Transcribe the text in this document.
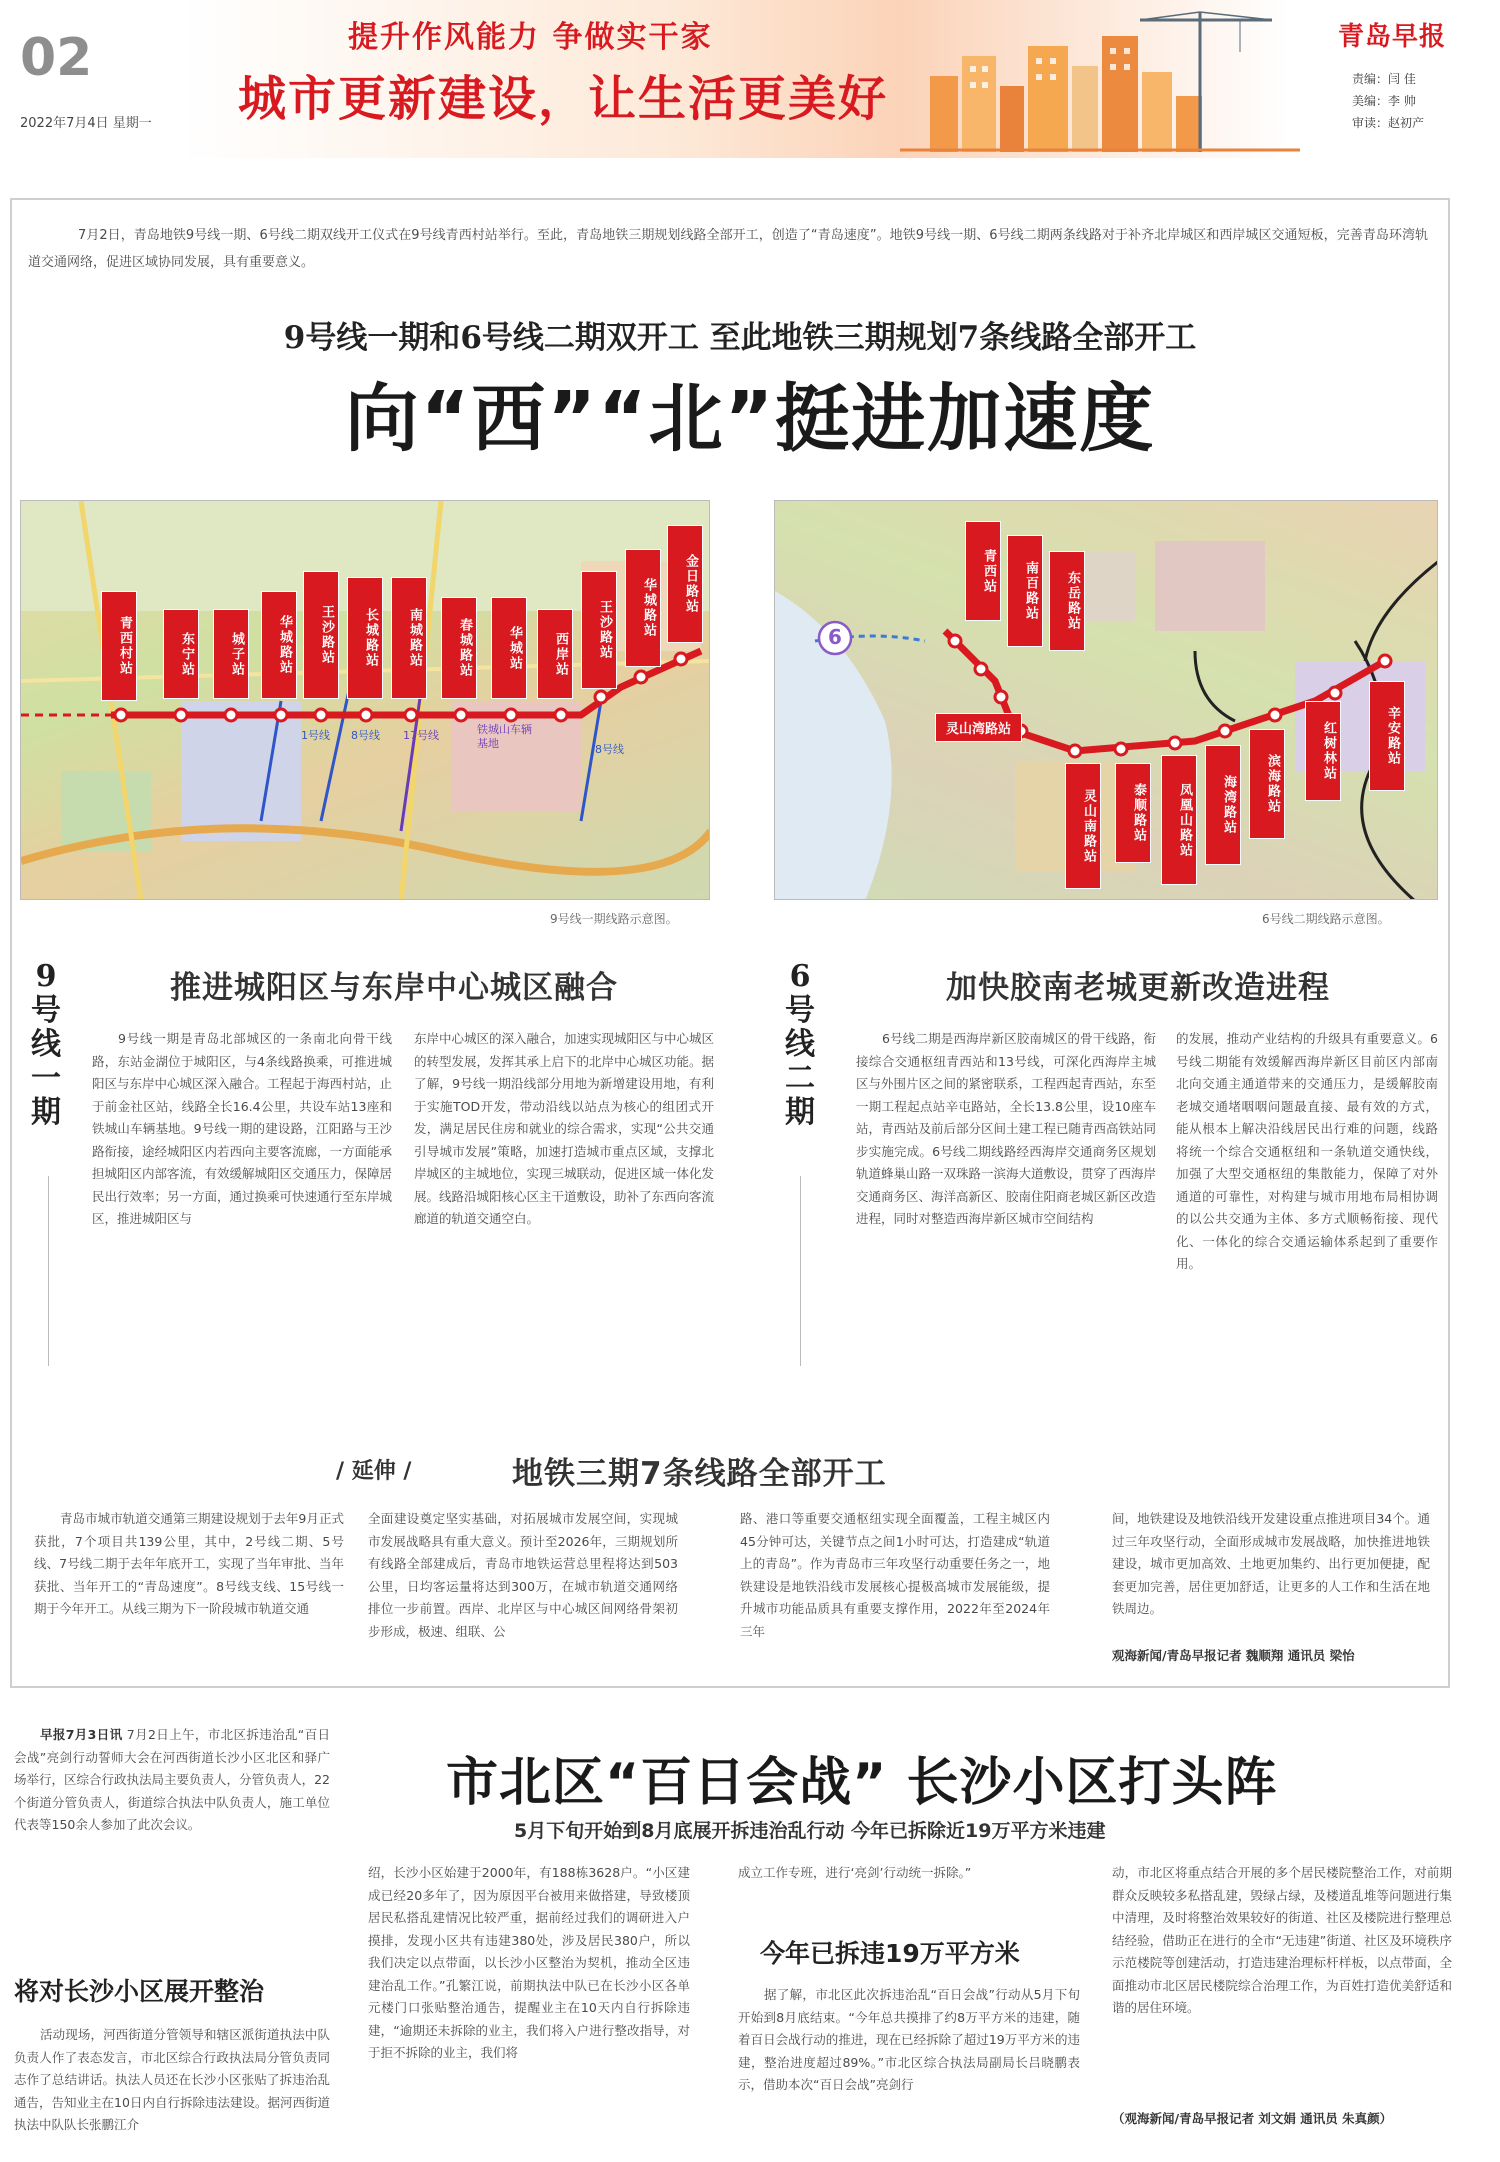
02
2022年7月4日 星期一
提升作风能力 争做实干家
城市更新建设，让生活更美好
青岛早报
责编：闫 佳
美编：李 帅
审读：赵初产
7月2日，青岛地铁9号线一期、6号线二期双线开工仪式在9号线青西村站举行。至此，青岛地铁三期规划线路全部开工，创造了“青岛速度”。地铁9号线一期、6号线二期两条线路对于补齐北岸城区和西岸城区交通短板，完善青岛环湾轨道交通网络，促进区域协同发展，具有重要意义。
9号线一期和6号线二期双开工 至此地铁三期规划7条线路全部开工
向“西”“北”挺进加速度
青西村站	东宁站	城子站	华城路站	王沙路站	长城路站	南城路站	春城路站	华城站	西岸站	王沙路站	华城路站	金日路站
1号线 8号线 17号线
8号线
铁城山车辆基地
9号线一期线路示意图。
6
青西站	南百路站	东岳路站
灵山湾路站
灵山南路站	泰顺路站	凤凰山路站	海湾路站	滨海路站
红树林站	辛安路站
6号线二期线路示意图。
9号线一期
推进城阳区与东岸中心城区融合
9号线一期是青岛北部城区的一条南北向骨干线路，东站金湖位于城阳区，与4条线路换乘，可推进城阳区与东岸中心城区深入融合。工程起于海西村站，止于前金社区站，线路全长16.4公里，共设车站13座和铁城山车辆基地。9号线一期的建设路，江阳路与王沙路衔接，途经城阳区内若西向主要客流廊，一方面能承担城阳区内部客流，有效缓解城阳区交通压力，保障居民出行效率；另一方面，通过换乘可快速通行至东岸城区，推进城阳区与
东岸中心城区的深入融合，加速实现城阳区与中心城区的转型发展，发挥其承上启下的北岸中心城区功能。据了解，9号线一期沿线部分用地为新增建设用地，有利于实施TOD开发，带动沿线以站点为核心的组团式开发，满足居民住房和就业的综合需求，实现“公共交通引导城市发展”策略，加速打造城市重点区域，支撑北岸城区的主城地位，实现三城联动，促进区域一体化发展。线路沿城阳核心区主干道敷设，助补了东西向客流廊道的轨道交通空白。
6号线二期
加快胶南老城更新改造进程
6号线二期是西海岸新区胶南城区的骨干线路，衔接综合交通枢纽青西站和13号线，可深化西海岸主城区与外围片区之间的紧密联系，工程西起青西站，东至一期工程起点站辛屯路站，全长13.8公里，设10座车站，青西站及前后部分区间土建工程已随青西高铁站同步实施完成。6号线二期线路经西海岸交通商务区规划轨道蜂巢山路一双珠路一滨海大道敷设，贯穿了西海岸交通商务区、海洋高新区、胶南住阳商老城区新区改造进程，同时对整造西海岸新区城市空间结构
的发展，推动产业结构的升级具有重要意义。6号线二期能有效缓解西海岸新区目前区内部南北向交通主通道带来的交通压力，是缓解胶南老城交通堵咽咽问题最直接、最有效的方式，能从根本上解决沿线居民出行难的问题，线路将统一个综合交通枢纽和一条轨道交通快线，加强了大型交通枢纽的集散能力，保障了对外通道的可靠性，对构建与城市用地布局相协调的以公共交通为主体、多方式顺畅衔接、现代化、一体化的综合交通运输体系起到了重要作用。
/ 延伸 /	地铁三期7条线路全部开工
青岛市城市轨道交通第三期建设规划于去年9月正式获批，7个项目共139公里，其中，2号线二期、5号线、7号线二期于去年年底开工，实现了当年审批、当年获批、当年开工的“青岛速度”。8号线支线、15号线一期于今年开工。从线三期为下一阶段城市轨道交通
全面建设奠定坚实基础，对拓展城市发展空间，实现城市发展战略具有重大意义。预计至2026年，三期规划所有线路全部建成后，青岛市地铁运营总里程将达到503公里，日均客运量将达到300万，在城市轨道交通网络排位一步前置。西岸、北岸区与中心城区间网络骨架初步形成，极速、组联、公
路、港口等重要交通枢纽实现全面覆盖，工程主城区内45分钟可达，关键节点之间1小时可达，打造建成“轨道上的青岛”。作为青岛市三年攻坚行动重要任务之一，地铁建设是地铁沿线市发展核心提极高城市发展能级，提升城市功能品质具有重要支撑作用，2022年至2024年三年
间，地铁建设及地铁沿线开发建设重点推进项目34个。通过三年攻坚行动，全面形成城市发展战略，加快推进地铁建设，城市更加高效、土地更加集约、出行更加便捷，配套更加完善，居住更加舒适，让更多的人工作和生活在地铁周边。
观海新闻/青岛早报记者 魏顺翔 通讯员 梁怡
早报7月3日讯 7月2日上午，市北区拆违治乱“百日会战”亮剑行动誓师大会在河西街道长沙小区北区和驿广场举行，区综合行政执法局主要负责人，分管负责人，22个街道分管负责人，街道综合执法中队负责人，施工单位代表等150余人参加了此次会议。
将对长沙小区展开整治
活动现场，河西街道分管领导和辖区派街道执法中队负责人作了表态发言，市北区综合行政执法局分管负责同志作了总结讲话。执法人员还在长沙小区张贴了拆违治乱通告，告知业主在10日内自行拆除违法建设。据河西街道执法中队队长张鹏江介
市北区“百日会战” 长沙小区打头阵
5月下旬开始到8月底展开拆违治乱行动 今年已拆除近19万平方米违建
绍，长沙小区始建于2000年，有188栋3628户。“小区建成已经20多年了，因为原因平台被用来做搭建，导致楼顶居民私搭乱建情况比较严重，据前经过我们的调研进入户摸排，发现小区共有违建380处，涉及居民380户，所以我们决定以点带面，以长沙小区整治为契机，推动全区违建治乱工作。”孔繁江说，前期执法中队已在长沙小区各单元楼门口张贴整治通告，提醒业主在10天内自行拆除违建，“逾期还未拆除的业主，我们将入户进行整改指导，对于拒不拆除的业主，我们将
成立工作专班，进行‘亮剑’行动统一拆除。”
今年已拆违19万平方米
据了解，市北区此次拆违治乱“百日会战”行动从5月下旬开始到8月底结束。“今年总共摸排了约8万平方米的违建，随着百日会战行动的推进，现在已经拆除了超过19万平方米的违建，整治进度超过89%。”市北区综合执法局副局长吕晓鹏表示，借助本次“百日会战”亮剑行
动，市北区将重点结合开展的多个居民楼院整治工作，对前期群众反映较多私搭乱建，毁绿占绿，及楼道乱堆等问题进行集中清理，及时将整治效果较好的街道、社区及楼院进行整理总结经验，借助正在进行的全市“无违建”街道、社区及环境秩序示范楼院等创建活动，打造违建治理标杆样板，以点带面，全面推动市北区居民楼院综合治理工作，为百姓打造优美舒适和谐的居住环境。
（观海新闻/青岛早报记者 刘文娟 通讯员 朱真颜）
